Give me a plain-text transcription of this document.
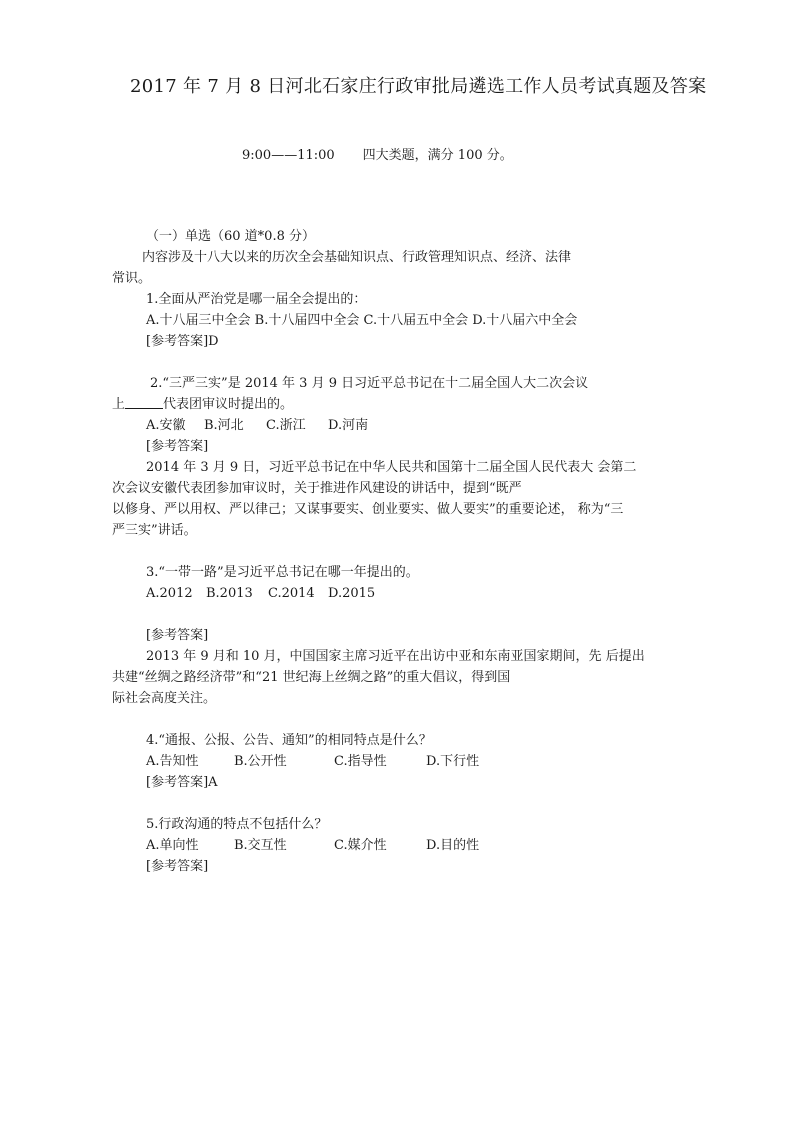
2017 年 7 月 8 日河北石家庄行政审批局遴选工作人员考试真题及答案
9:00——11:00 四大类题，满分 100 分。
（一）单选（60 道*0.8 分）
内容涉及十八大以来的历次全会基础知识点、行政管理知识点、经济、法律
常识。
1.全面从严治党是哪一届全会提出的：
A.十八届三中全会 B.十八届四中全会 C.十八届五中全会 D.十八届六中全会
[参考答案]D
2.“三严三实”是 2014 年 3 月 9 日习近平总书记在十二届全国人大二次会议
上	代表团审议时提出的。
A.安徽 B.河北 C.浙江 D.河南
[参考答案]
2014 年 3 月 9 日，习近平总书记在中华人民共和国第十二届全国人民代表大 会第二
次会议安徽代表团参加审议时，关于推进作风建设的讲话中，提到“既严
以修身、严以用权、严以律己；又谋事要实、创业要实、做人要实”的重要论述， 称为“三
严三实”讲话。
3.“一带一路”是习近平总书记在哪一年提出的。
A.2012 B.2013 C.2014 D.2015
[参考答案]
2013 年 9 月和 10 月，中国国家主席习近平在出访中亚和东南亚国家期间，先 后提出
共建“丝绸之路经济带”和“21 世纪海上丝绸之路”的重大倡议，得到国
际社会高度关注。
4.“通报、公报、公告、通知”的相同特点是什么？
A.告知性	B.公开性	C.指导性	D.下行性
[参考答案]A
5.行政沟通的特点不包括什么？
A.单向性	B.交互性	C.媒介性	D.目的性
[参考答案]
